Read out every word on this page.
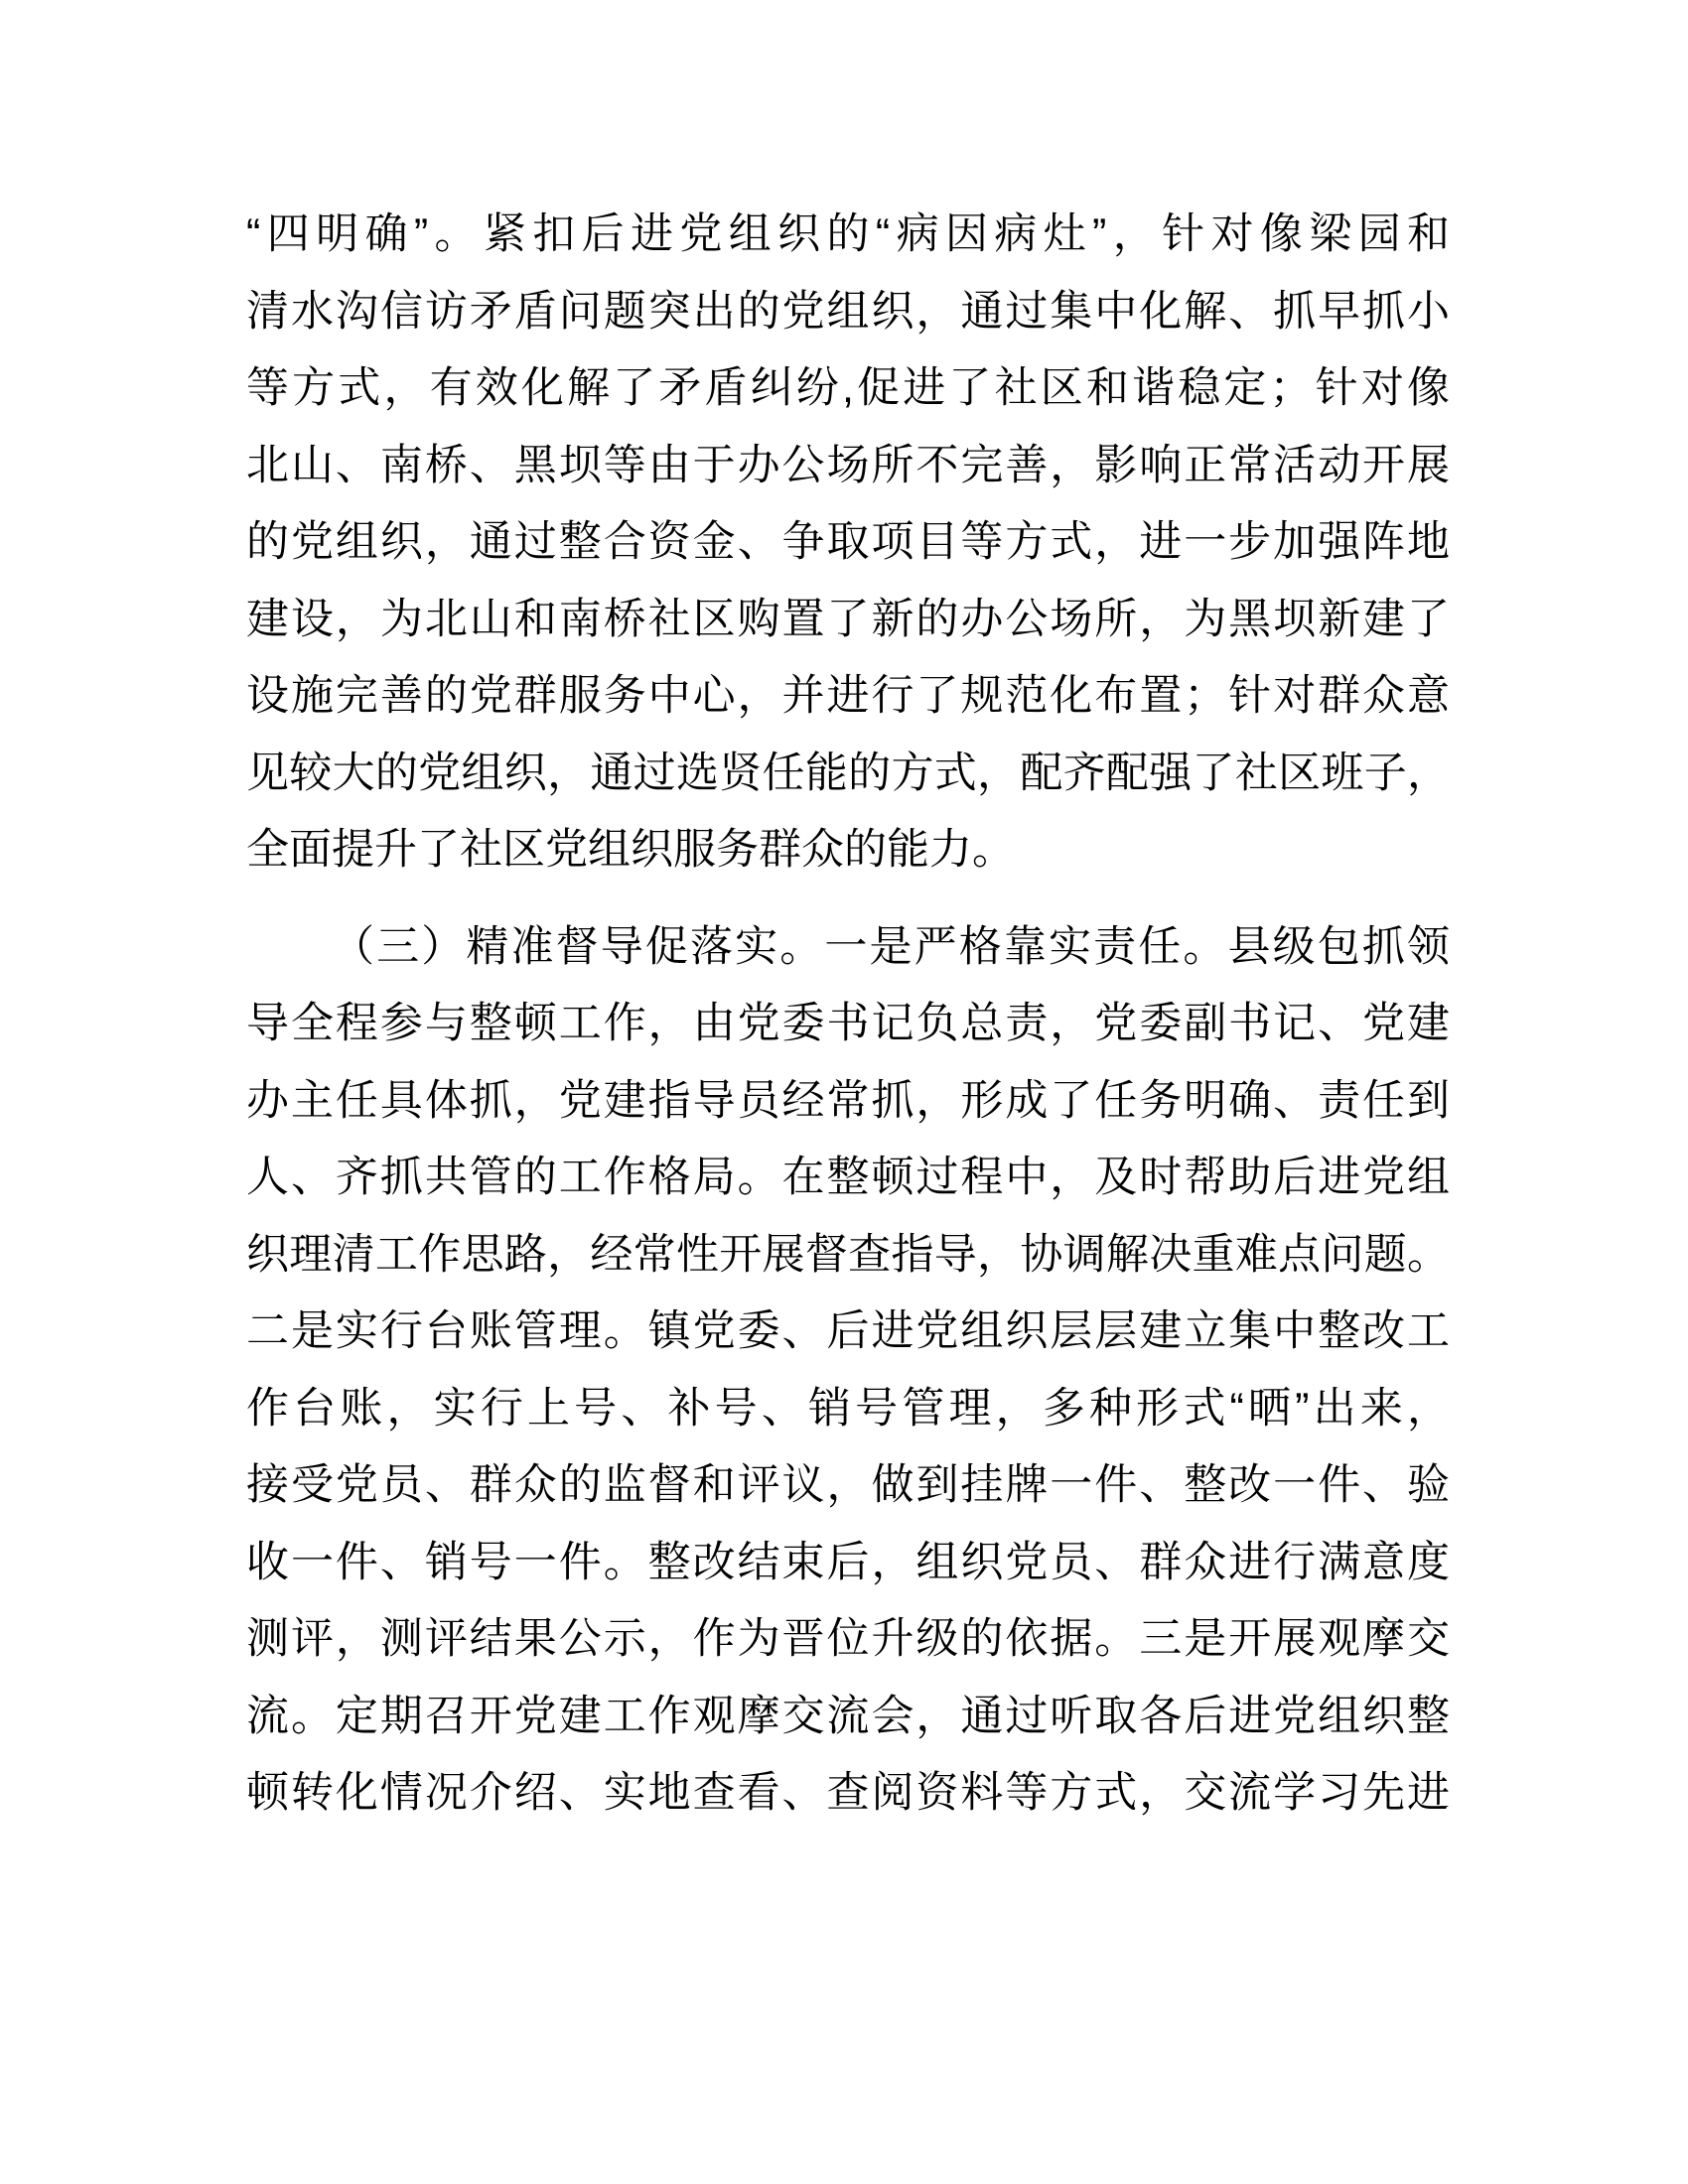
“四明确”。紧扣后进党组织的“病因病灶”，针对像梁园和
清水沟信访矛盾问题突出的党组织，通过集中化解、抓早抓小
等方式，有效化解了矛盾纠纷,促进了社区和谐稳定；针对像
北山、南桥、黑坝等由于办公场所不完善，影响正常活动开展
的党组织，通过整合资金、争取项目等方式，进一步加强阵地
建设，为北山和南桥社区购置了新的办公场所，为黑坝新建了
设施完善的党群服务中心，并进行了规范化布置；针对群众意
见较大的党组织，通过选贤任能的方式，配齐配强了社区班子，
全面提升了社区党组织服务群众的能力。
（三）精准督导促落实。一是严格靠实责任。县级包抓领
导全程参与整顿工作，由党委书记负总责，党委副书记、党建
办主任具体抓，党建指导员经常抓，形成了任务明确、责任到
人、齐抓共管的工作格局。在整顿过程中，及时帮助后进党组
织理清工作思路，经常性开展督查指导，协调解决重难点问题。
二是实行台账管理。镇党委、后进党组织层层建立集中整改工
作台账，实行上号、补号、销号管理，多种形式“晒”出来，
接受党员、群众的监督和评议，做到挂牌一件、整改一件、验
收一件、销号一件。整改结束后，组织党员、群众进行满意度
测评，测评结果公示，作为晋位升级的依据。三是开展观摩交
流。定期召开党建工作观摩交流会，通过听取各后进党组织整
顿转化情况介绍、实地查看、查阅资料等方式，交流学习先进
